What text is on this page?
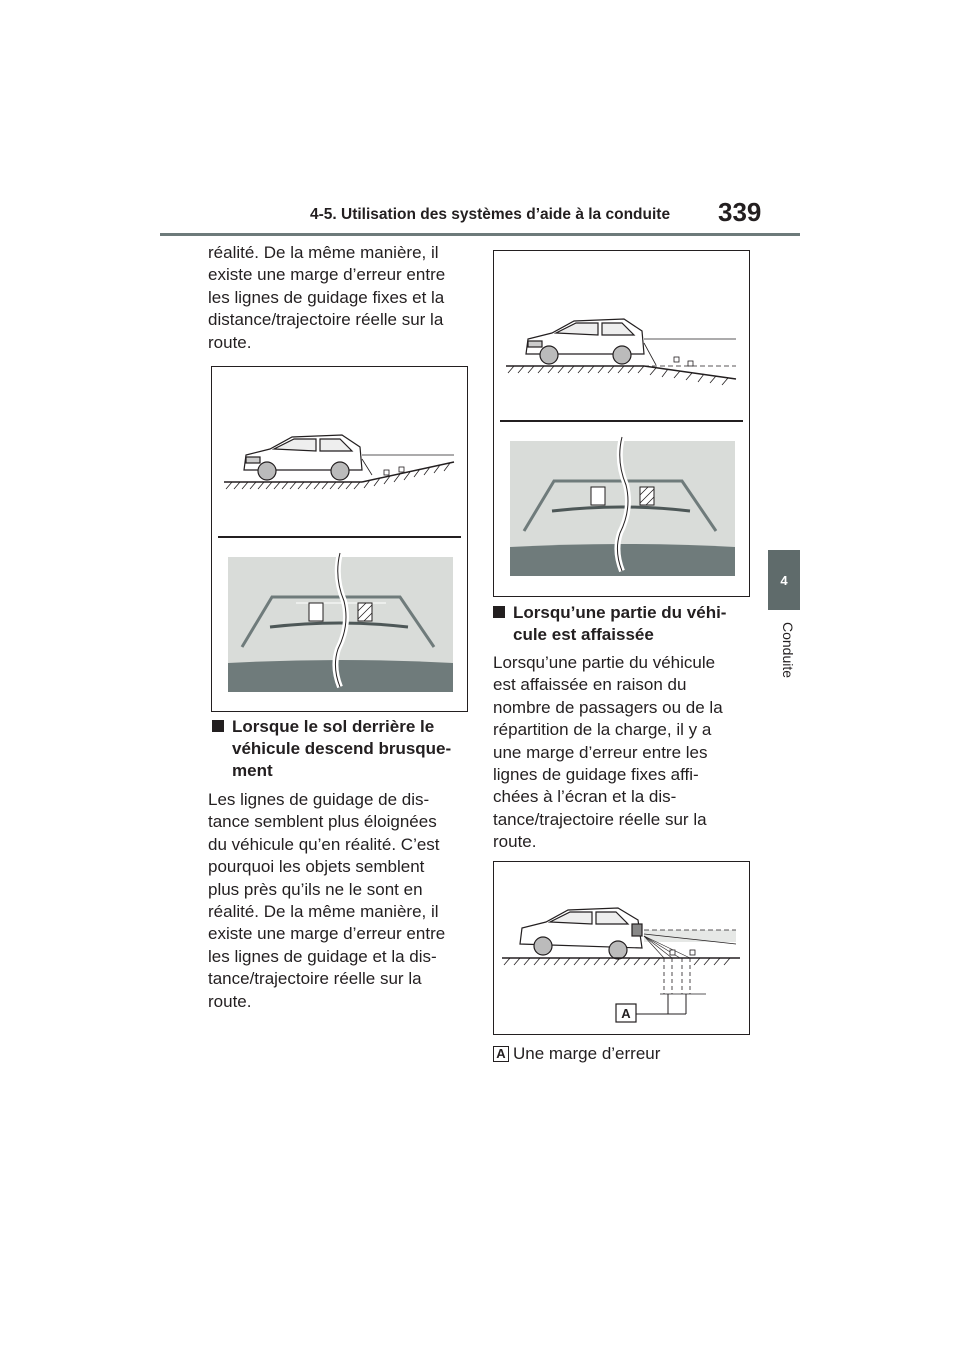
4-5. Utilisation des systèmes d’aide à la conduite 339
4
Conduite
réalité. De la même manière, il
existe une marge d’erreur entre
les lignes de guidage fixes et la
distance/trajectoire réelle sur la
route.
Lorsque le sol derrière le
véhicule descend brusque-
ment
Les lignes de guidage de dis-
tance semblent plus éloignées
du véhicule qu’en réalité. C’est
pourquoi les objets semblent
plus près qu’ils ne le sont en
réalité. De la même manière, il
existe une marge d’erreur entre
les lignes de guidage et la dis-
tance/trajectoire réelle sur la
route.
Lorsqu’une partie du véhi-
cule est affaissée
Lorsqu’une partie du véhicule
est affaissée en raison du
nombre de passagers ou de la
répartition de la charge, il y a
une marge d’erreur entre les
lignes de guidage fixes affi-
chées à l’écran et la dis-
tance/trajectoire réelle sur la
route.
A
A Une marge d’erreur
